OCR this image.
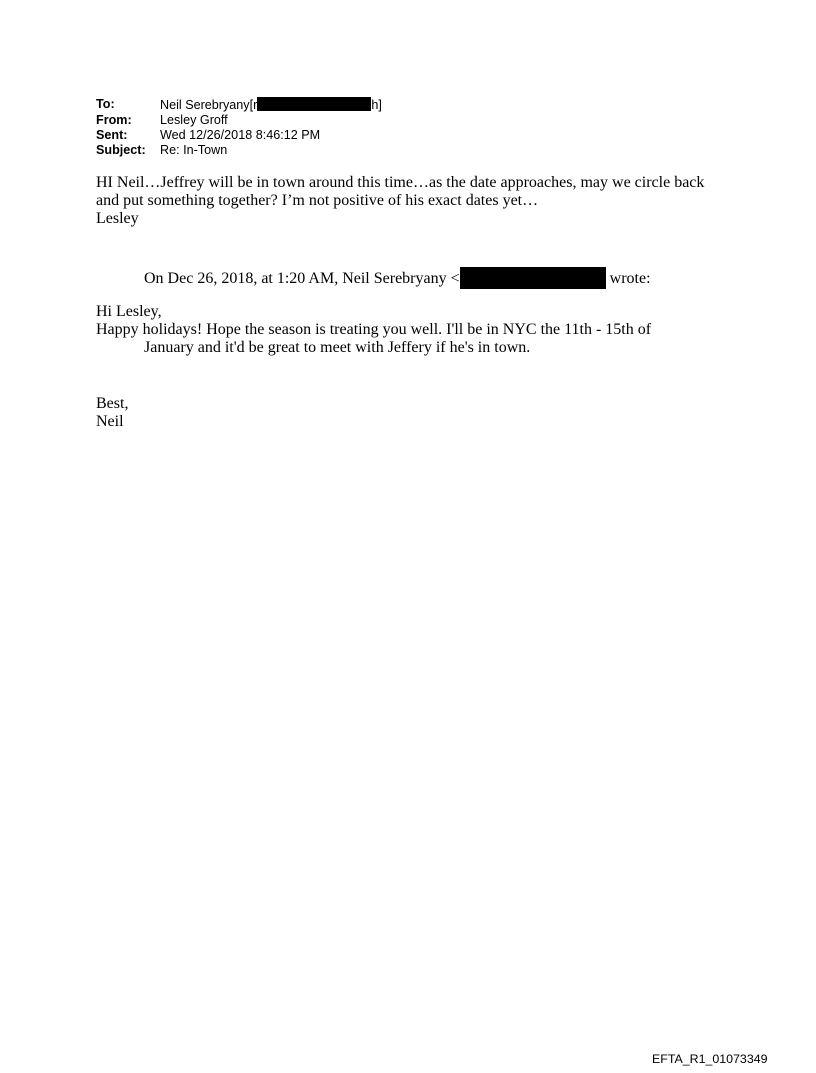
To:	Neil Serebryany[r	h]
From:	Lesley Groff
Sent:	Wed 12/26/2018 8:46:12 PM
Subject:	Re: In-Town
HI Neil…Jeffrey will be in town around this time…as the date approaches, may we circle back
and put something together? I’m not positive of his exact dates yet…
Lesley
On Dec 26, 2018, at 1:20 AM, Neil Serebryany <	wrote:
Hi Lesley,
Happy holidays! Hope the season is treating you well. I'll be in NYC the 11th - 15th of
January and it'd be great to meet with Jeffery if he's in town.
Best,
Neil
EFTA_R1_01073349
